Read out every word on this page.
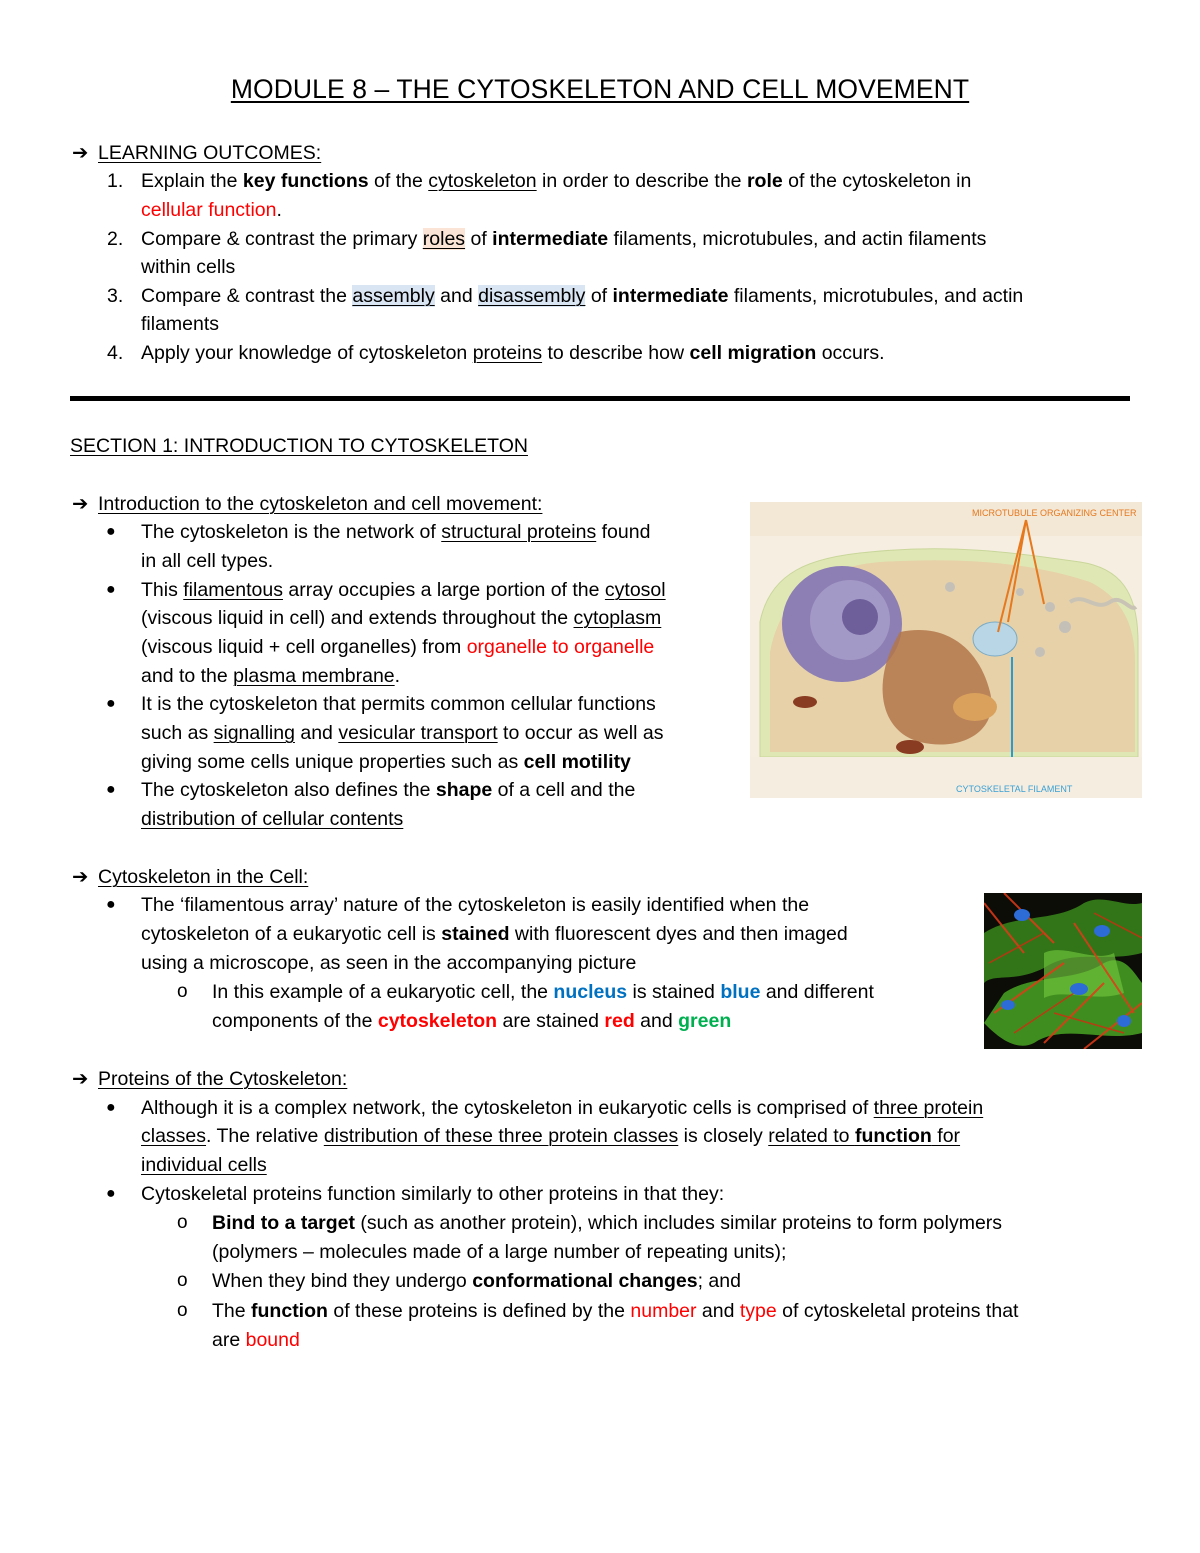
MODULE 8 – THE CYTOSKELETON AND CELL MOVEMENT
➔ LEARNING OUTCOMES:
1. Explain the key functions of the cytoskeleton in order to describe the role of the cytoskeleton in
cellular function.
2. Compare & contrast the primary roles of intermediate filaments, microtubules, and actin filaments
within cells
3. Compare & contrast the assembly and disassembly of intermediate filaments, microtubules, and actin
filaments
4. Apply your knowledge of cytoskeleton proteins to describe how cell migration occurs.
SECTION 1: INTRODUCTION TO CYTOSKELETON
➔ Introduction to the cytoskeleton and cell movement:
● The cytoskeleton is the network of structural proteins found
in all cell types.
● This filamentous array occupies a large portion of the cytosol
(viscous liquid in cell) and extends throughout the cytoplasm
(viscous liquid + cell organelles) from organelle to organelle
and to the plasma membrane.
● It is the cytoskeleton that permits common cellular functions
such as signalling and vesicular transport to occur as well as
giving some cells unique properties such as cell motility
● The cytoskeleton also defines the shape of a cell and the
distribution of cellular contents
MICROTUBULE ORGANIZING CENTER
CYTOSKELETAL FILAMENT
➔ Cytoskeleton in the Cell:
● The ‘filamentous array’ nature of the cytoskeleton is easily identified when the
cytoskeleton of a eukaryotic cell is stained with fluorescent dyes and then imaged
using a microscope, as seen in the accompanying picture
o In this example of a eukaryotic cell, the nucleus is stained blue and different
components of the cytoskeleton are stained red and green
➔ Proteins of the Cytoskeleton:
● Although it is a complex network, the cytoskeleton in eukaryotic cells is comprised of three protein
classes. The relative distribution of these three protein classes is closely related to function for
individual cells
● Cytoskeletal proteins function similarly to other proteins in that they:
o Bind to a target (such as another protein), which includes similar proteins to form polymers
(polymers – molecules made of a large number of repeating units);
o When they bind they undergo conformational changes; and
o The function of these proteins is defined by the number and type of cytoskeletal proteins that
are bound
